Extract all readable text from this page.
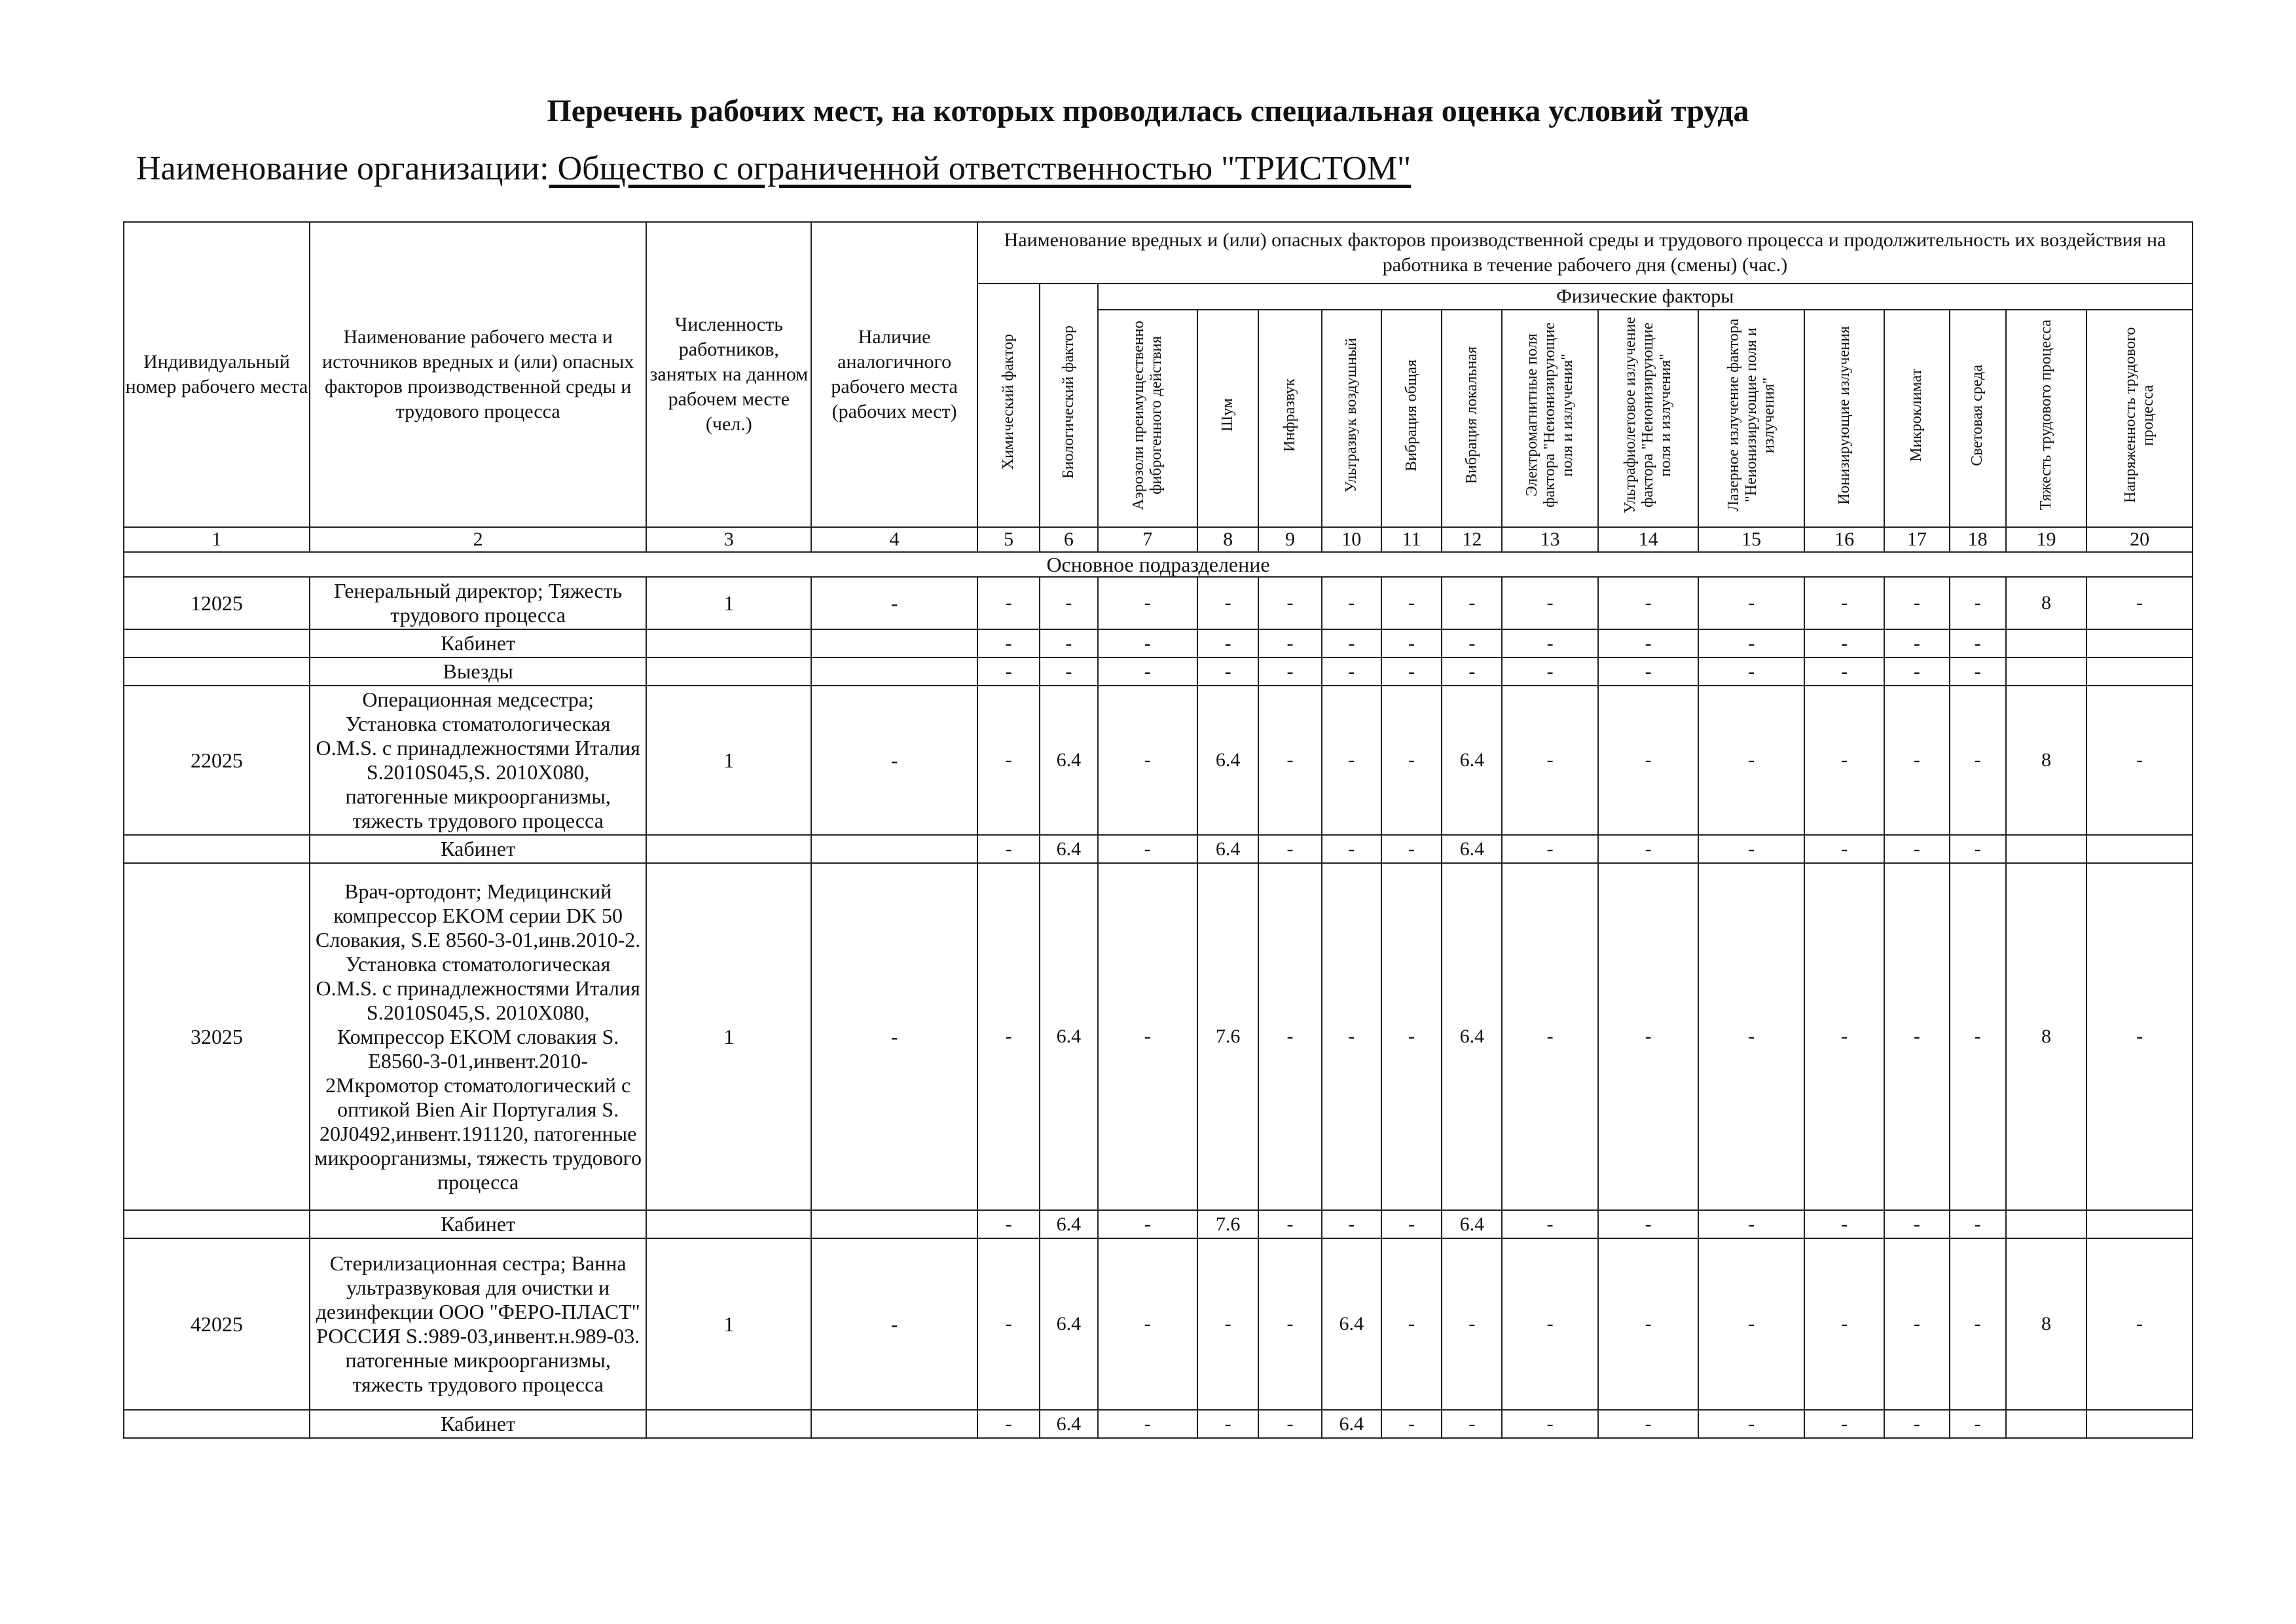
Перечень рабочих мест, на которых проводилась специальная оценка условий труда
Наименование организации: Общество с ограниченной ответственностью "ТРИСТОМ"
Индивидуальный номер рабочего места	Наименование рабочего места и источников вредных и (или) опасных факторов производственной среды и трудового процесса	Численность работников, занятых на данном рабочем месте (чел.)	Наличие аналогичного рабочего места (рабочих мест)	Наименование вредных и (или) опасных факторов производственной среды и трудового процесса и продолжительность их воздействия на работника в течение рабочего дня (смены) (час.)															
				Химический фактор	Биологический фактор	Физические факторы													
						Аэрозоли преимущественно фиброгенного действия	Шум	Инфразвук	Ультразвук воздушный	Вибрация общая	Вибрация локальная	Электромагнитные поля фактора "Неионизирующие поля и излучения"	Ультрафиолетовое излучение фактора "Неионизирующие поля и излучения"	Лазерное излучение фактора "Неионизирующие поля и излучения"	Ионизирующие излучения	Микроклимат	Световая среда	Тяжесть трудового процесса	Напряженность трудового процесса
1	2	3	4	5	6	7	8	9	10	11	12	13	14	15	16	17	18	19	20
Основное подразделение																			
12025	Генеральный директор; Тяжесть трудового процесса	1	-	-	-	-	-	-	-	-	-	-	-	-	-	-	-	8	-
	Кабинет			-	-	-	-	-	-	-	-	-	-	-	-	-	-		
	Выезды			-	-	-	-	-	-	-	-	-	-	-	-	-	-		
22025	Операционная медсестра; Установка стоматологическая O.M.S. с принадлежностями Италия S.2010S045,S. 2010X080, патогенные микроорганизмы, тяжесть трудового процесса	1	-	-	6.4	-	6.4	-	-	-	6.4	-	-	-	-	-	-	8	-
	Кабинет			-	6.4	-	6.4	-	-	-	6.4	-	-	-	-	-	-		
32025	Врач-ортодонт; Медицинский компрессор EKOM серии DK 50 Словакия, S.E 8560-3-01,инв.2010-2. Установка стоматологическая O.M.S. с принадлежностями Италия S.2010S045,S. 2010X080, Компрессор EKOM словакия S. E8560-3-01,инвент.2010-2Мкромотор стоматологический с оптикой Bien Air Португалия S. 20J0492,инвент.191120, патогенные микроорганизмы, тяжесть трудового процесса	1	-	-	6.4	-	7.6	-	-	-	6.4	-	-	-	-	-	-	8	-
	Кабинет			-	6.4	-	7.6	-	-	-	6.4	-	-	-	-	-	-		
42025	Стерилизационная сестра; Ванна ультразвуковая для очистки и дезинфекции ООО "ФЕРО-ПЛАСТ" РОССИЯ S.:989-03,инвент.н.989-03. патогенные микроорганизмы, тяжесть трудового процесса	1	-	-	6.4	-	-	-	6.4	-	-	-	-	-	-	-	-	8	-
	Кабинет			-	6.4	-	-	-	6.4	-	-	-	-	-	-	-	-		
